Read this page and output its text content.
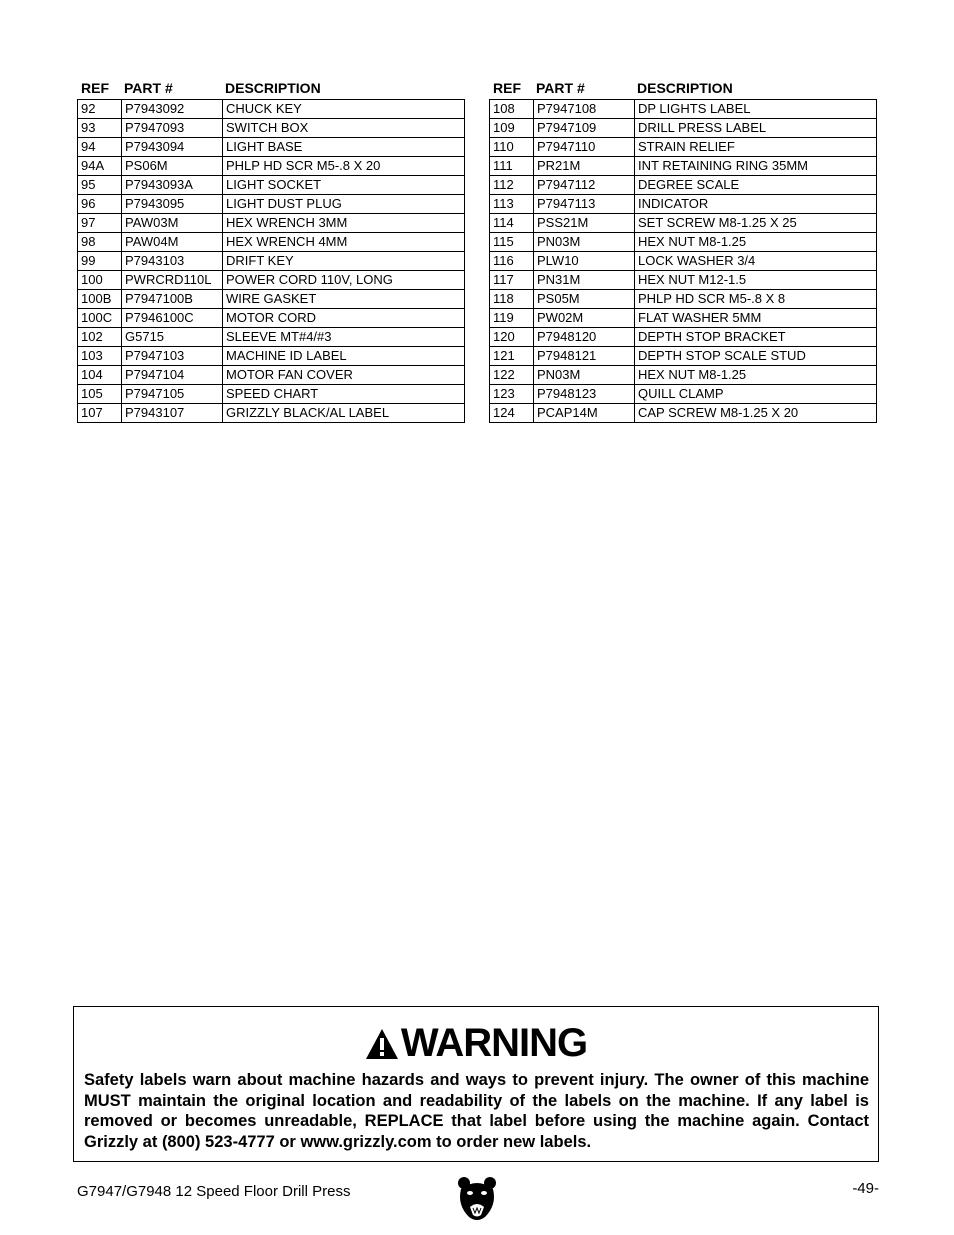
REF	PART #	DESCRIPTION
92	P7943092	CHUCK KEY
93	P7947093	SWITCH BOX
94	P7943094	LIGHT BASE
94A	PS06M	PHLP HD SCR M5-.8 X 20
95	P7943093A	LIGHT SOCKET
96	P7943095	LIGHT DUST PLUG
97	PAW03M	HEX WRENCH 3MM
98	PAW04M	HEX WRENCH 4MM
99	P7943103	DRIFT KEY
100	PWRCRD110L	POWER CORD 110V, LONG
100B	P7947100B	WIRE GASKET
100C	P7946100C	MOTOR CORD
102	G5715	SLEEVE MT#4/#3
103	P7947103	MACHINE ID LABEL
104	P7947104	MOTOR FAN COVER
105	P7947105	SPEED CHART
107	P7943107	GRIZZLY BLACK/AL LABEL
REF	PART #	DESCRIPTION
108	P7947108	DP LIGHTS LABEL
109	P7947109	DRILL PRESS LABEL
110	P7947110	STRAIN RELIEF
111	PR21M	INT RETAINING RING 35MM
112	P7947112	DEGREE SCALE
113	P7947113	INDICATOR
114	PSS21M	SET SCREW M8-1.25 X 25
115	PN03M	HEX NUT M8-1.25
116	PLW10	LOCK WASHER 3/4
117	PN31M	HEX NUT M12-1.5
118	PS05M	PHLP HD SCR M5-.8 X 8
119	PW02M	FLAT WASHER 5MM
120	P7948120	DEPTH STOP BRACKET
121	P7948121	DEPTH STOP SCALE STUD
122	PN03M	HEX NUT M8-1.25
123	P7948123	QUILL CLAMP
124	PCAP14M	CAP SCREW M8-1.25 X 20
WARNING
Safety labels warn about machine hazards and ways to prevent injury. The owner of this machine MUST maintain the original location and readability of the labels on the machine. If any label is removed or becomes unreadable, REPLACE that label before using the machine again. Contact Grizzly at (800) 523-4777 or www.grizzly.com to order new labels.
G7947/G7948 12 Speed Floor Drill Press	-49-
